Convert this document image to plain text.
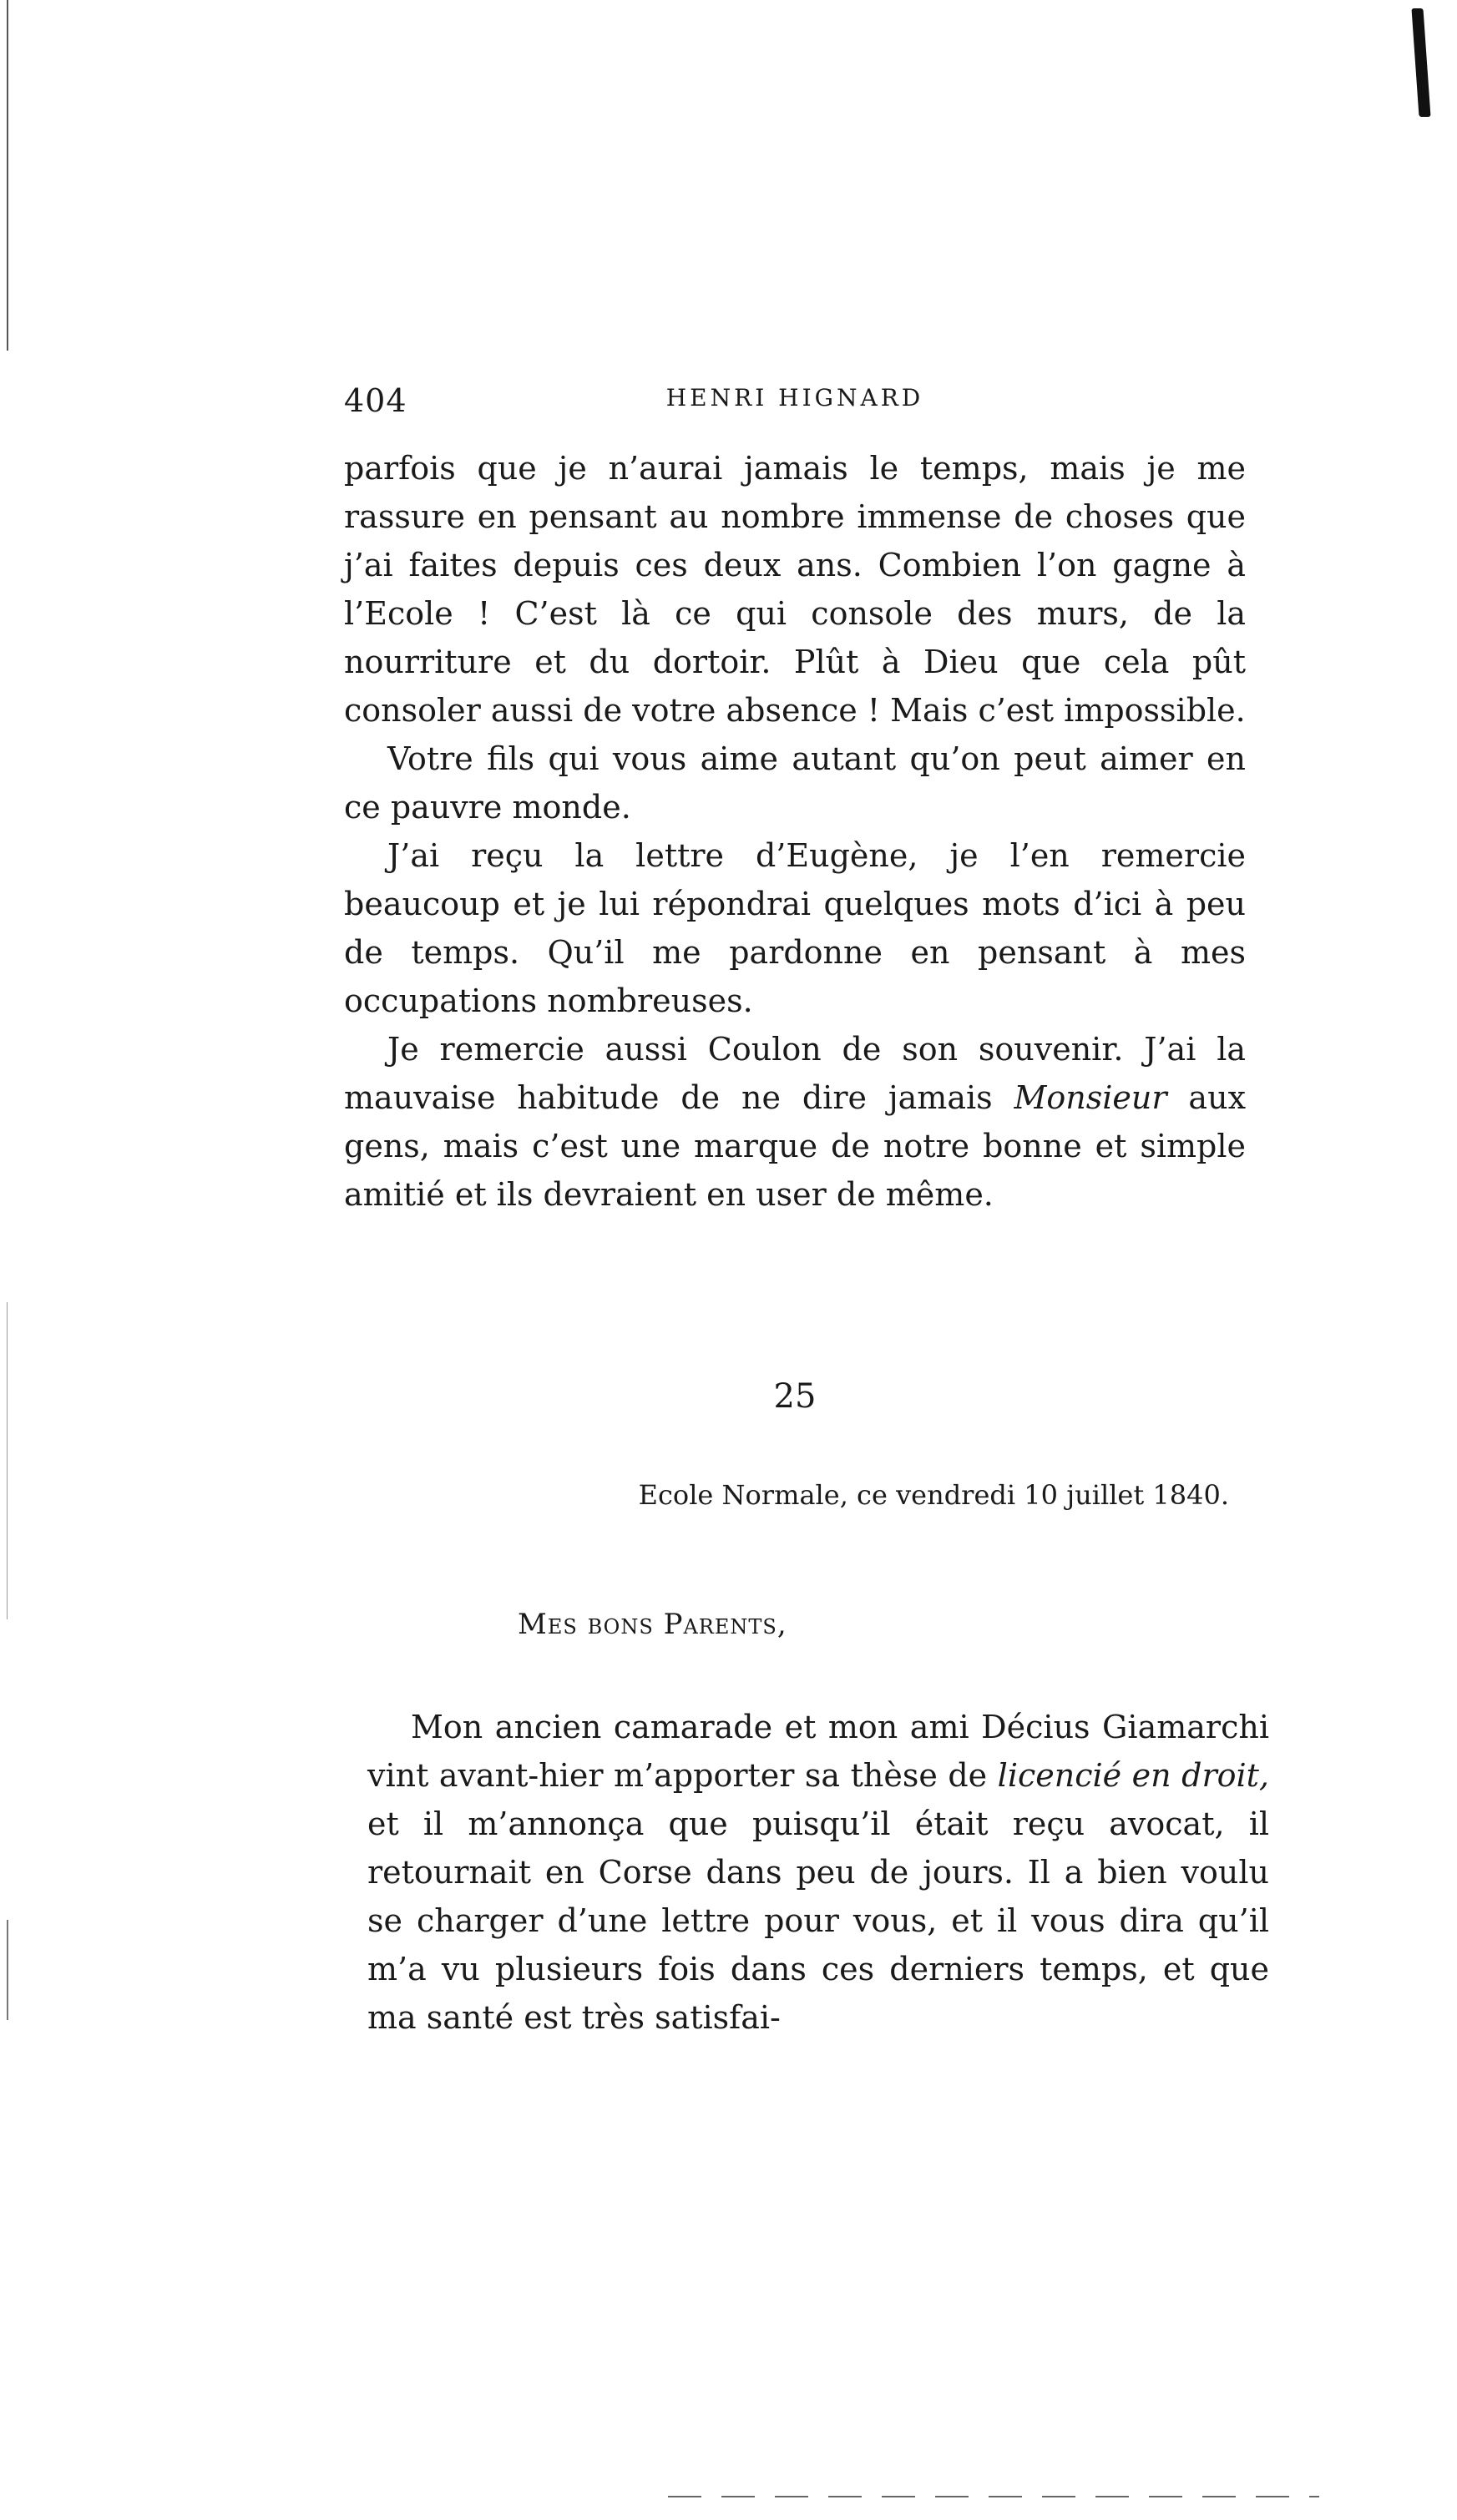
404	HENRI HIGNARD

parfois que je n’aurai jamais le temps, mais je me rassure en pensant au nombre immense de choses que j’ai faites depuis ces deux ans. Combien l’on gagne à l’Ecole ! C’est là ce qui console des murs, de la nourriture et du dortoir. Plût à Dieu que cela pût consoler aussi de votre absence ! Mais c’est impossible.

Votre fils qui vous aime autant qu’on peut aimer en ce pauvre monde.

J’ai reçu la lettre d’Eugène, je l’en remercie beaucoup et je lui répondrai quelques mots d’ici à peu de temps. Qu’il me pardonne en pensant à mes occupations nombreuses.

Je remercie aussi Coulon de son souvenir. J’ai la mauvaise habitude de ne dire jamais Monsieur aux gens, mais c’est une marque de notre bonne et simple amitié et ils devraient en user de même.

25
Ecole Normale, ce vendredi 10 juillet 1840.
Mes bons Parents,

Mon ancien camarade et mon ami Décius Giamarchi vint avant-hier m’apporter sa thèse de licencié en droit, et il m’annonça que puisqu’il était reçu avocat, il retournait en Corse dans peu de jours. Il a bien voulu se charger d’une lettre pour vous, et il vous dira qu’il m’a vu plusieurs fois dans ces derniers temps, et que ma santé est très satisfai-
